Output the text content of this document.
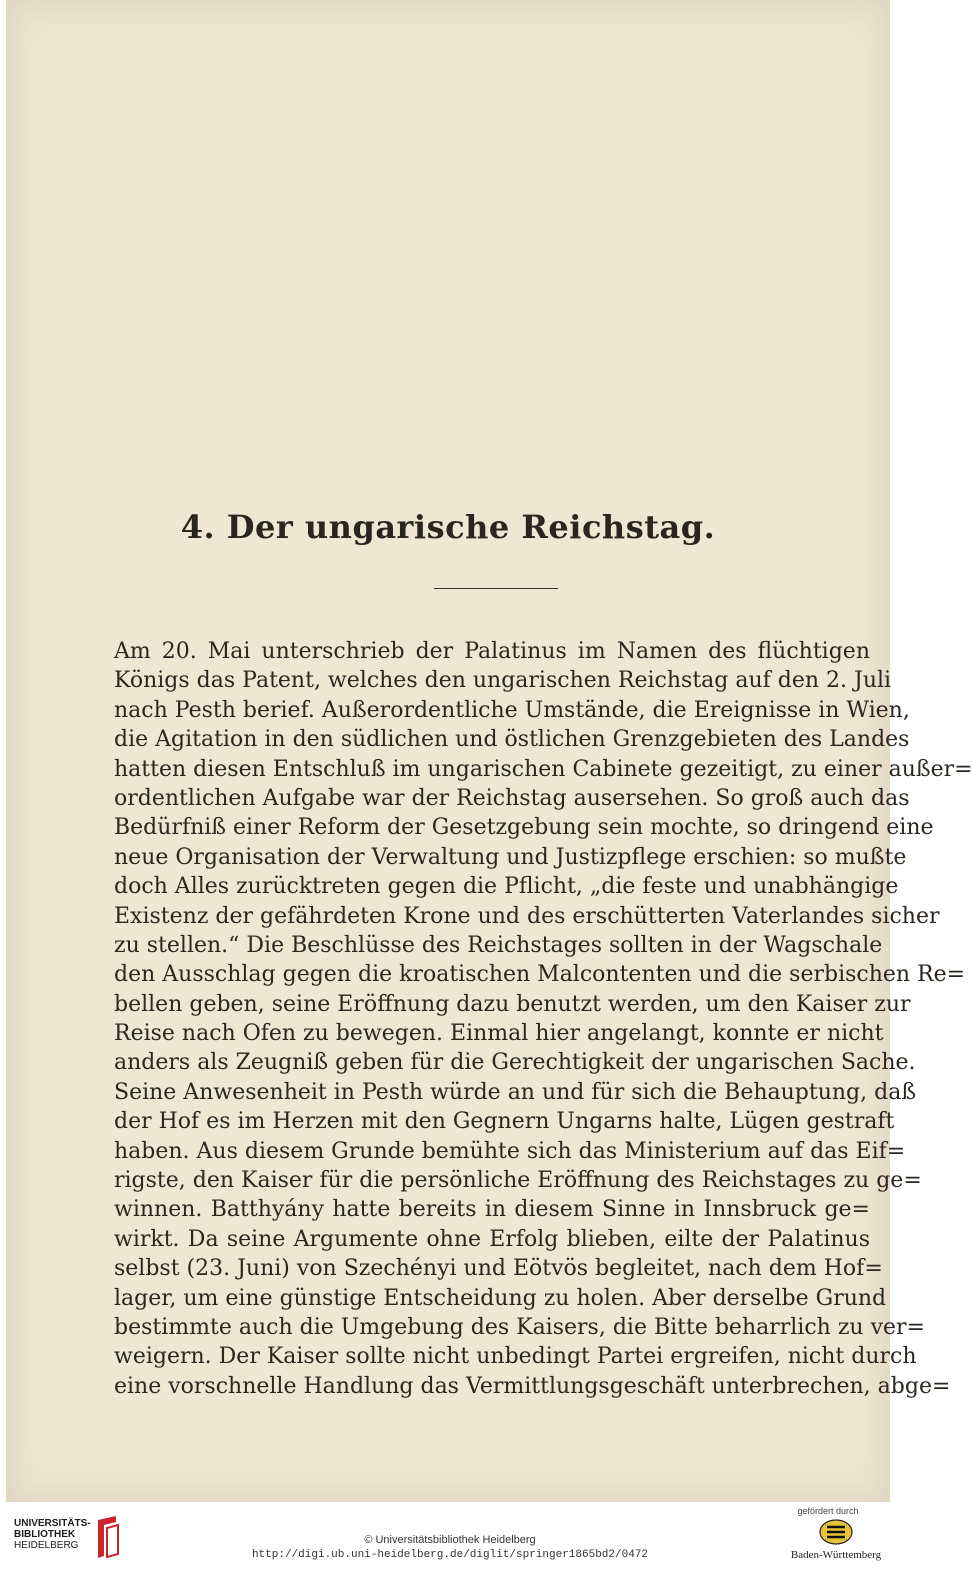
4. Der ungarische Reichstag.
Am 20. Mai unterschrieb der Palatinus im Namen des flüchtigen
Königs das Patent, welches den ungarischen Reichstag auf den 2. Juli
nach Pesth berief. Außerordentliche Umstände, die Ereignisse in Wien,
die Agitation in den südlichen und östlichen Grenzgebieten des Landes
hatten diesen Entschluß im ungarischen Cabinete gezeitigt, zu einer außer=
ordentlichen Aufgabe war der Reichstag ausersehen. So groß auch das
Bedürfniß einer Reform der Gesetzgebung sein mochte, so dringend eine
neue Organisation der Verwaltung und Justizpflege erschien: so mußte
doch Alles zurücktreten gegen die Pflicht, „die feste und unabhängige
Existenz der gefährdeten Krone und des erschütterten Vaterlandes sicher
zu stellen.“ Die Beschlüsse des Reichstages sollten in der Wagschale
den Ausschlag gegen die kroatischen Malcontenten und die serbischen Re=
bellen geben, seine Eröffnung dazu benutzt werden, um den Kaiser zur
Reise nach Ofen zu bewegen. Einmal hier angelangt, konnte er nicht
anders als Zeugniß geben für die Gerechtigkeit der ungarischen Sache.
Seine Anwesenheit in Pesth würde an und für sich die Behauptung, daß
der Hof es im Herzen mit den Gegnern Ungarns halte, Lügen gestraft
haben. Aus diesem Grunde bemühte sich das Ministerium auf das Eif=
rigste, den Kaiser für die persönliche Eröffnung des Reichstages zu ge=
winnen. Batthyány hatte bereits in diesem Sinne in Innsbruck ge=
wirkt. Da seine Argumente ohne Erfolg blieben, eilte der Palatinus
selbst (23. Juni) von Szechényi und Eötvös begleitet, nach dem Hof=
lager, um eine günstige Entscheidung zu holen. Aber derselbe Grund
bestimmte auch die Umgebung des Kaisers, die Bitte beharrlich zu ver=
weigern. Der Kaiser sollte nicht unbedingt Partei ergreifen, nicht durch
eine vorschnelle Handlung das Vermittlungsgeschäft unterbrechen, abge=
UNIVERSITÄTS-
BIBLIOTHEK
HEIDELBERG	© Universitätsbibliothek Heidelberg
http://digi.ub.uni-heidelberg.de/diglit/springer1865bd2/0472
gefördert durch
Baden-Württemberg
